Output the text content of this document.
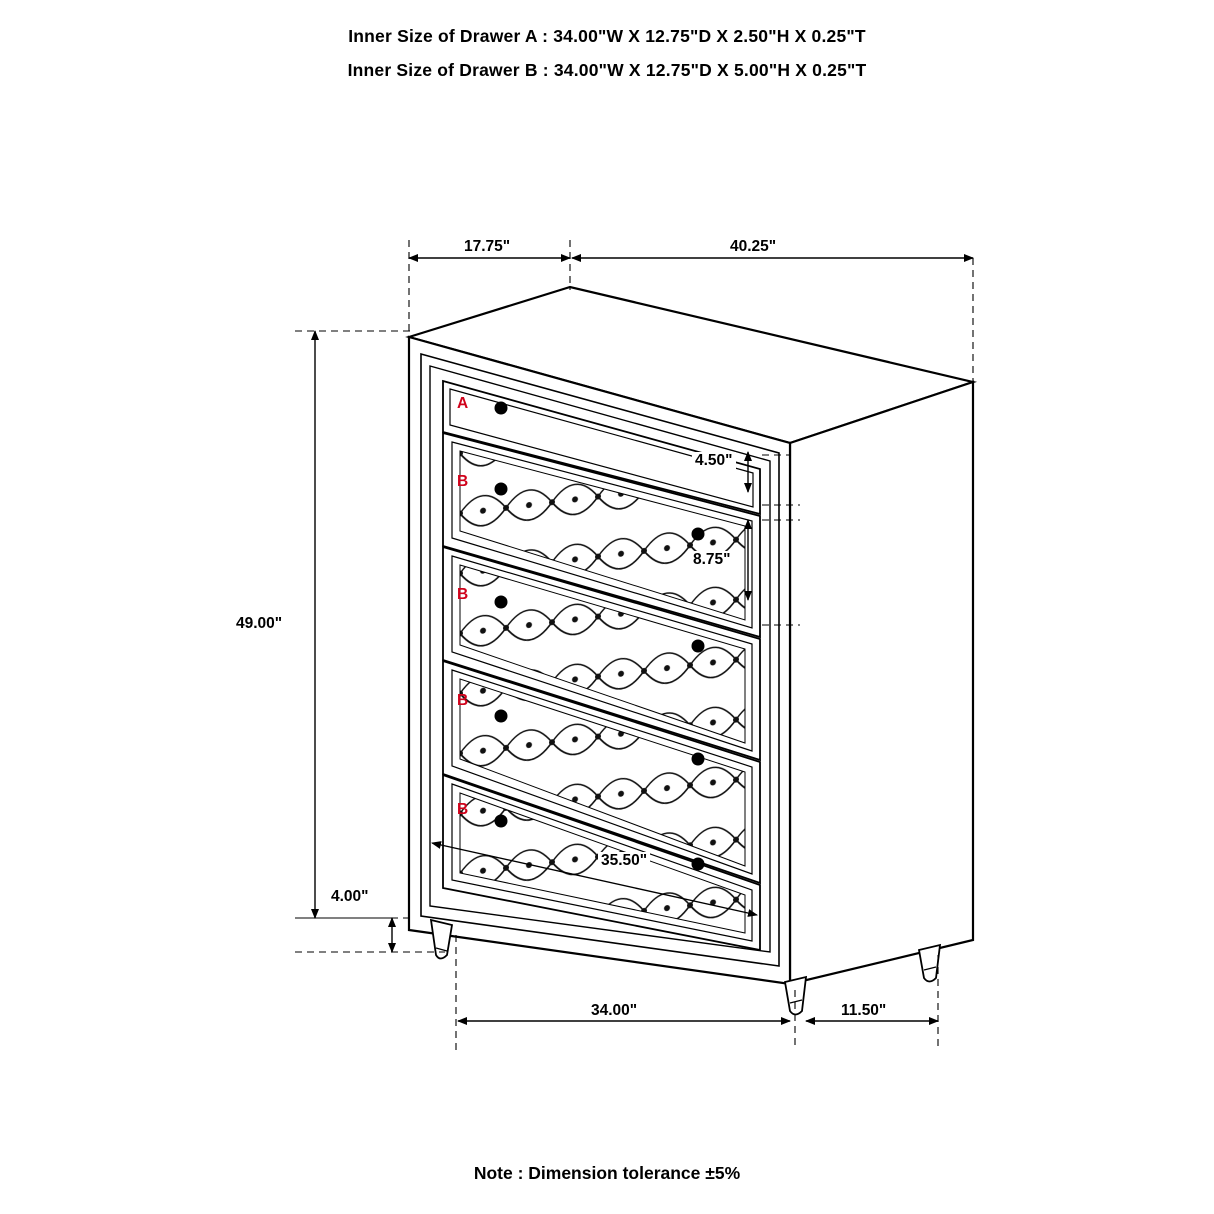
Inner Size of Drawer A : 34.00"W X 12.75"D X 2.50"H X 0.25"T
Inner Size of Drawer B : 34.00"W X 12.75"D X 5.00"H X 0.25"T
17.75"	40.25"
49.00"
4.00"
4.50"
8.75"
35.50"
34.00"	11.50"
A
B
B
B
B
Note : Dimension tolerance ±5%
